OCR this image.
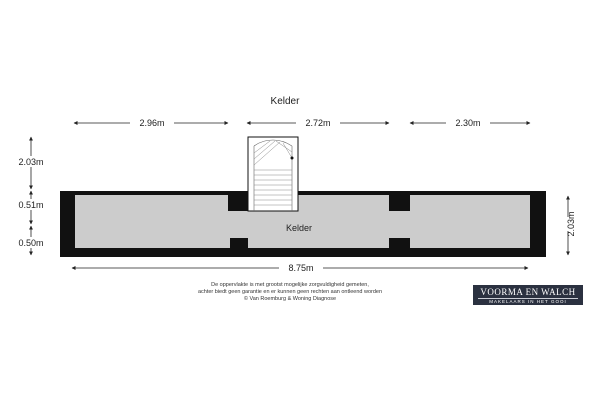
Kelder
2.96m	2.72m	2.30m
2.03m
0.51m
0.50m
2.03m
8.75m
Kelder
De oppervlakte is met grootst mogelijke zorgvuldigheid gemeten,
achter biedt geen garantie en er kunnen geen rechten aan ontleend worden
© Van Roemburg & Woning Diagnose
VOORMA EN WALCH
MAKELAARS IN HET GOOI
